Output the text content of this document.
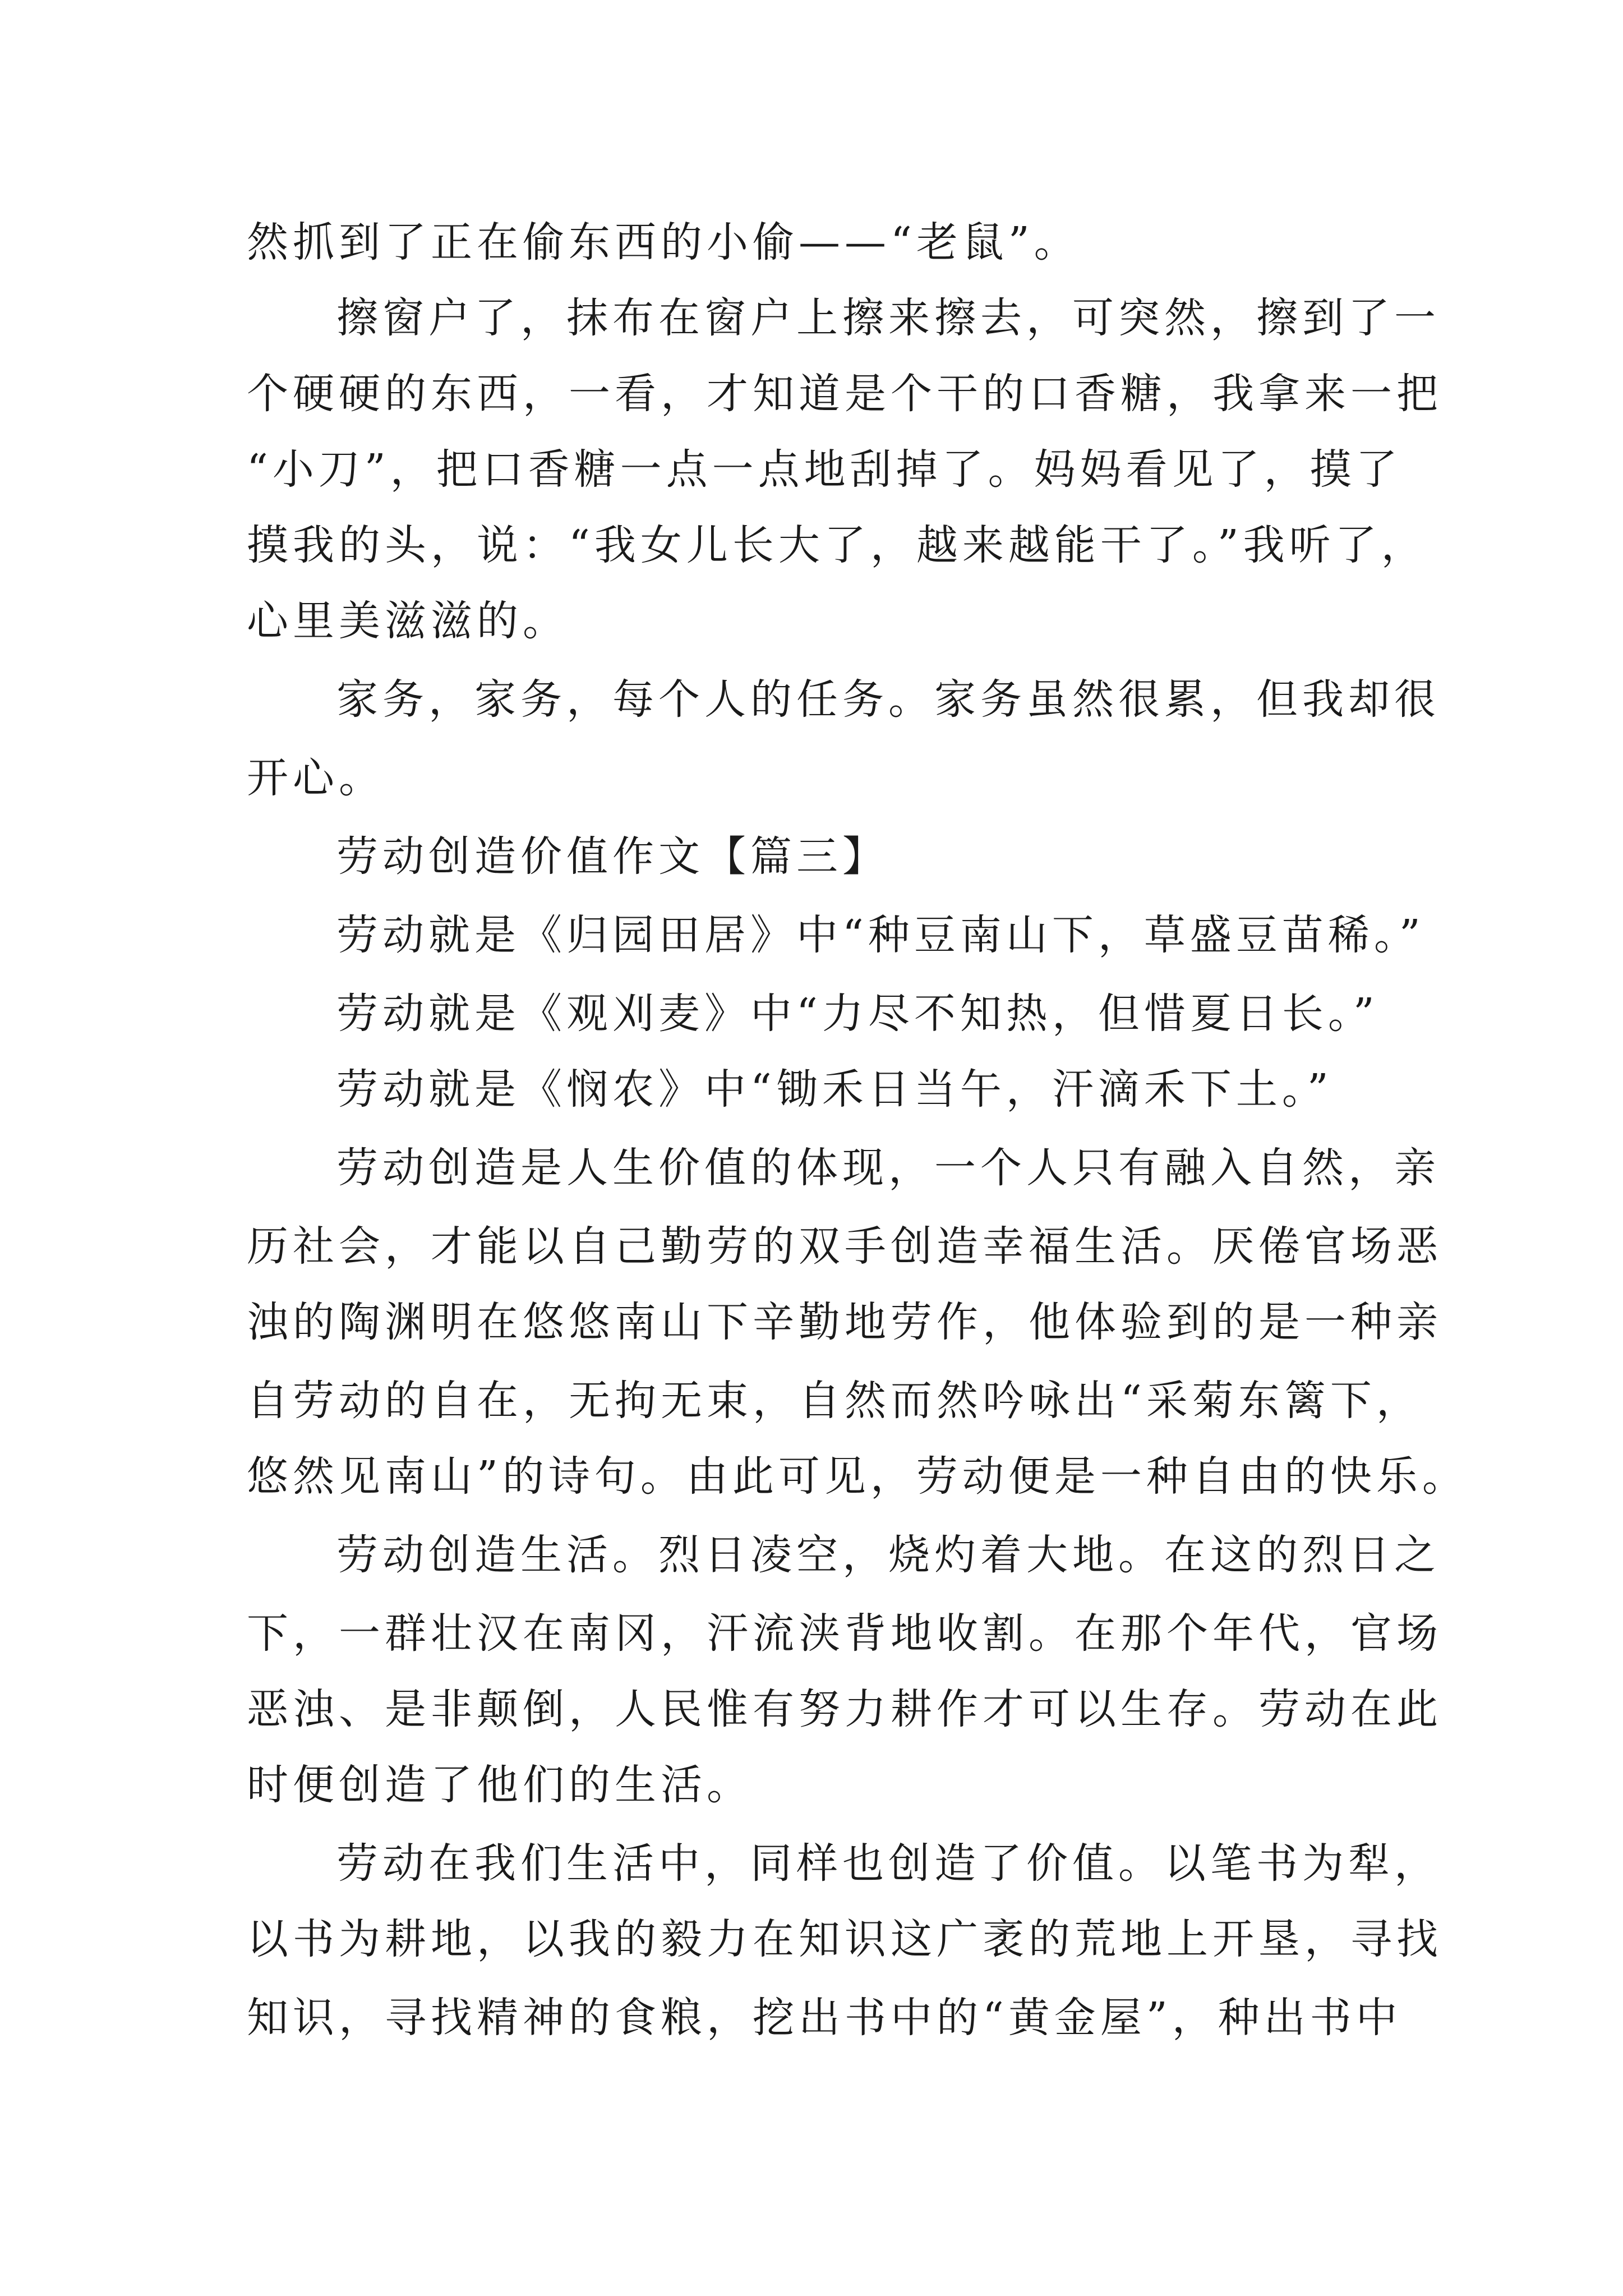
然抓到了正在偷东西的小偷——“老鼠”。
擦窗户了，抹布在窗户上擦来擦去，可突然，擦到了一
个硬硬的东西，一看，才知道是个干的口香糖，我拿来一把
“小刀”，把口香糖一点一点地刮掉了。妈妈看见了，摸了
摸我的头，说：“我女儿长大了，越来越能干了。”我听了，
心里美滋滋的。
家务，家务，每个人的任务。家务虽然很累，但我却很
开心。
劳动创造价值作文【篇三】
劳动就是《归园田居》中“种豆南山下，草盛豆苗稀。”
劳动就是《观刈麦》中“力尽不知热，但惜夏日长。”
劳动就是《悯农》中“锄禾日当午，汗滴禾下土。”
劳动创造是人生价值的体现，一个人只有融入自然，亲
历社会，才能以自己勤劳的双手创造幸福生活。厌倦官场恶
浊的陶渊明在悠悠南山下辛勤地劳作，他体验到的是一种亲
自劳动的自在，无拘无束，自然而然吟咏出“采菊东篱下，
悠然见南山”的诗句。由此可见，劳动便是一种自由的快乐。
劳动创造生活。烈日凌空，烧灼着大地。在这的烈日之
下，一群壮汉在南冈，汗流浃背地收割。在那个年代，官场
恶浊、是非颠倒，人民惟有努力耕作才可以生存。劳动在此
时便创造了他们的生活。
劳动在我们生活中，同样也创造了价值。以笔书为犁，
以书为耕地，以我的毅力在知识这广袤的荒地上开垦，寻找
知识，寻找精神的食粮，挖出书中的“黄金屋”，种出书中
